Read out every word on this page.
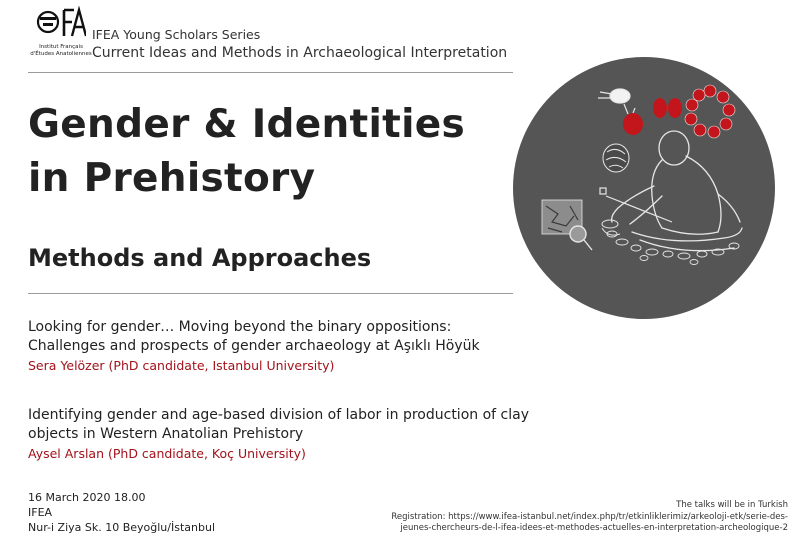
Institut Français
d'Études Anatoliennes
IFEA Young Scholars Series
Current Ideas and Methods in Archaeological Interpretation
Gender & Identities
in Prehistory
Methods and Approaches
Looking for gender… Moving beyond the binary oppositions:
Challenges and prospects of gender archaeology at Aşıklı Höyük
Sera Yelözer (PhD candidate, Istanbul University)
Identifying gender and age-based division of labor in production of clay
objects in Western Anatolian Prehistory
Aysel Arslan (PhD candidate, Koç University)
16 March 2020 18.00
IFEA
Nur-i Ziya Sk. 10 Beyoğlu/İstanbul
The talks will be in Turkish
Registration: https://www.ifea-istanbul.net/index.php/tr/etkinliklerimiz/arkeoloji-etk/serie-des-
jeunes-chercheurs-de-l-ifea-idees-et-methodes-actuelles-en-interpretation-archeologique-2
